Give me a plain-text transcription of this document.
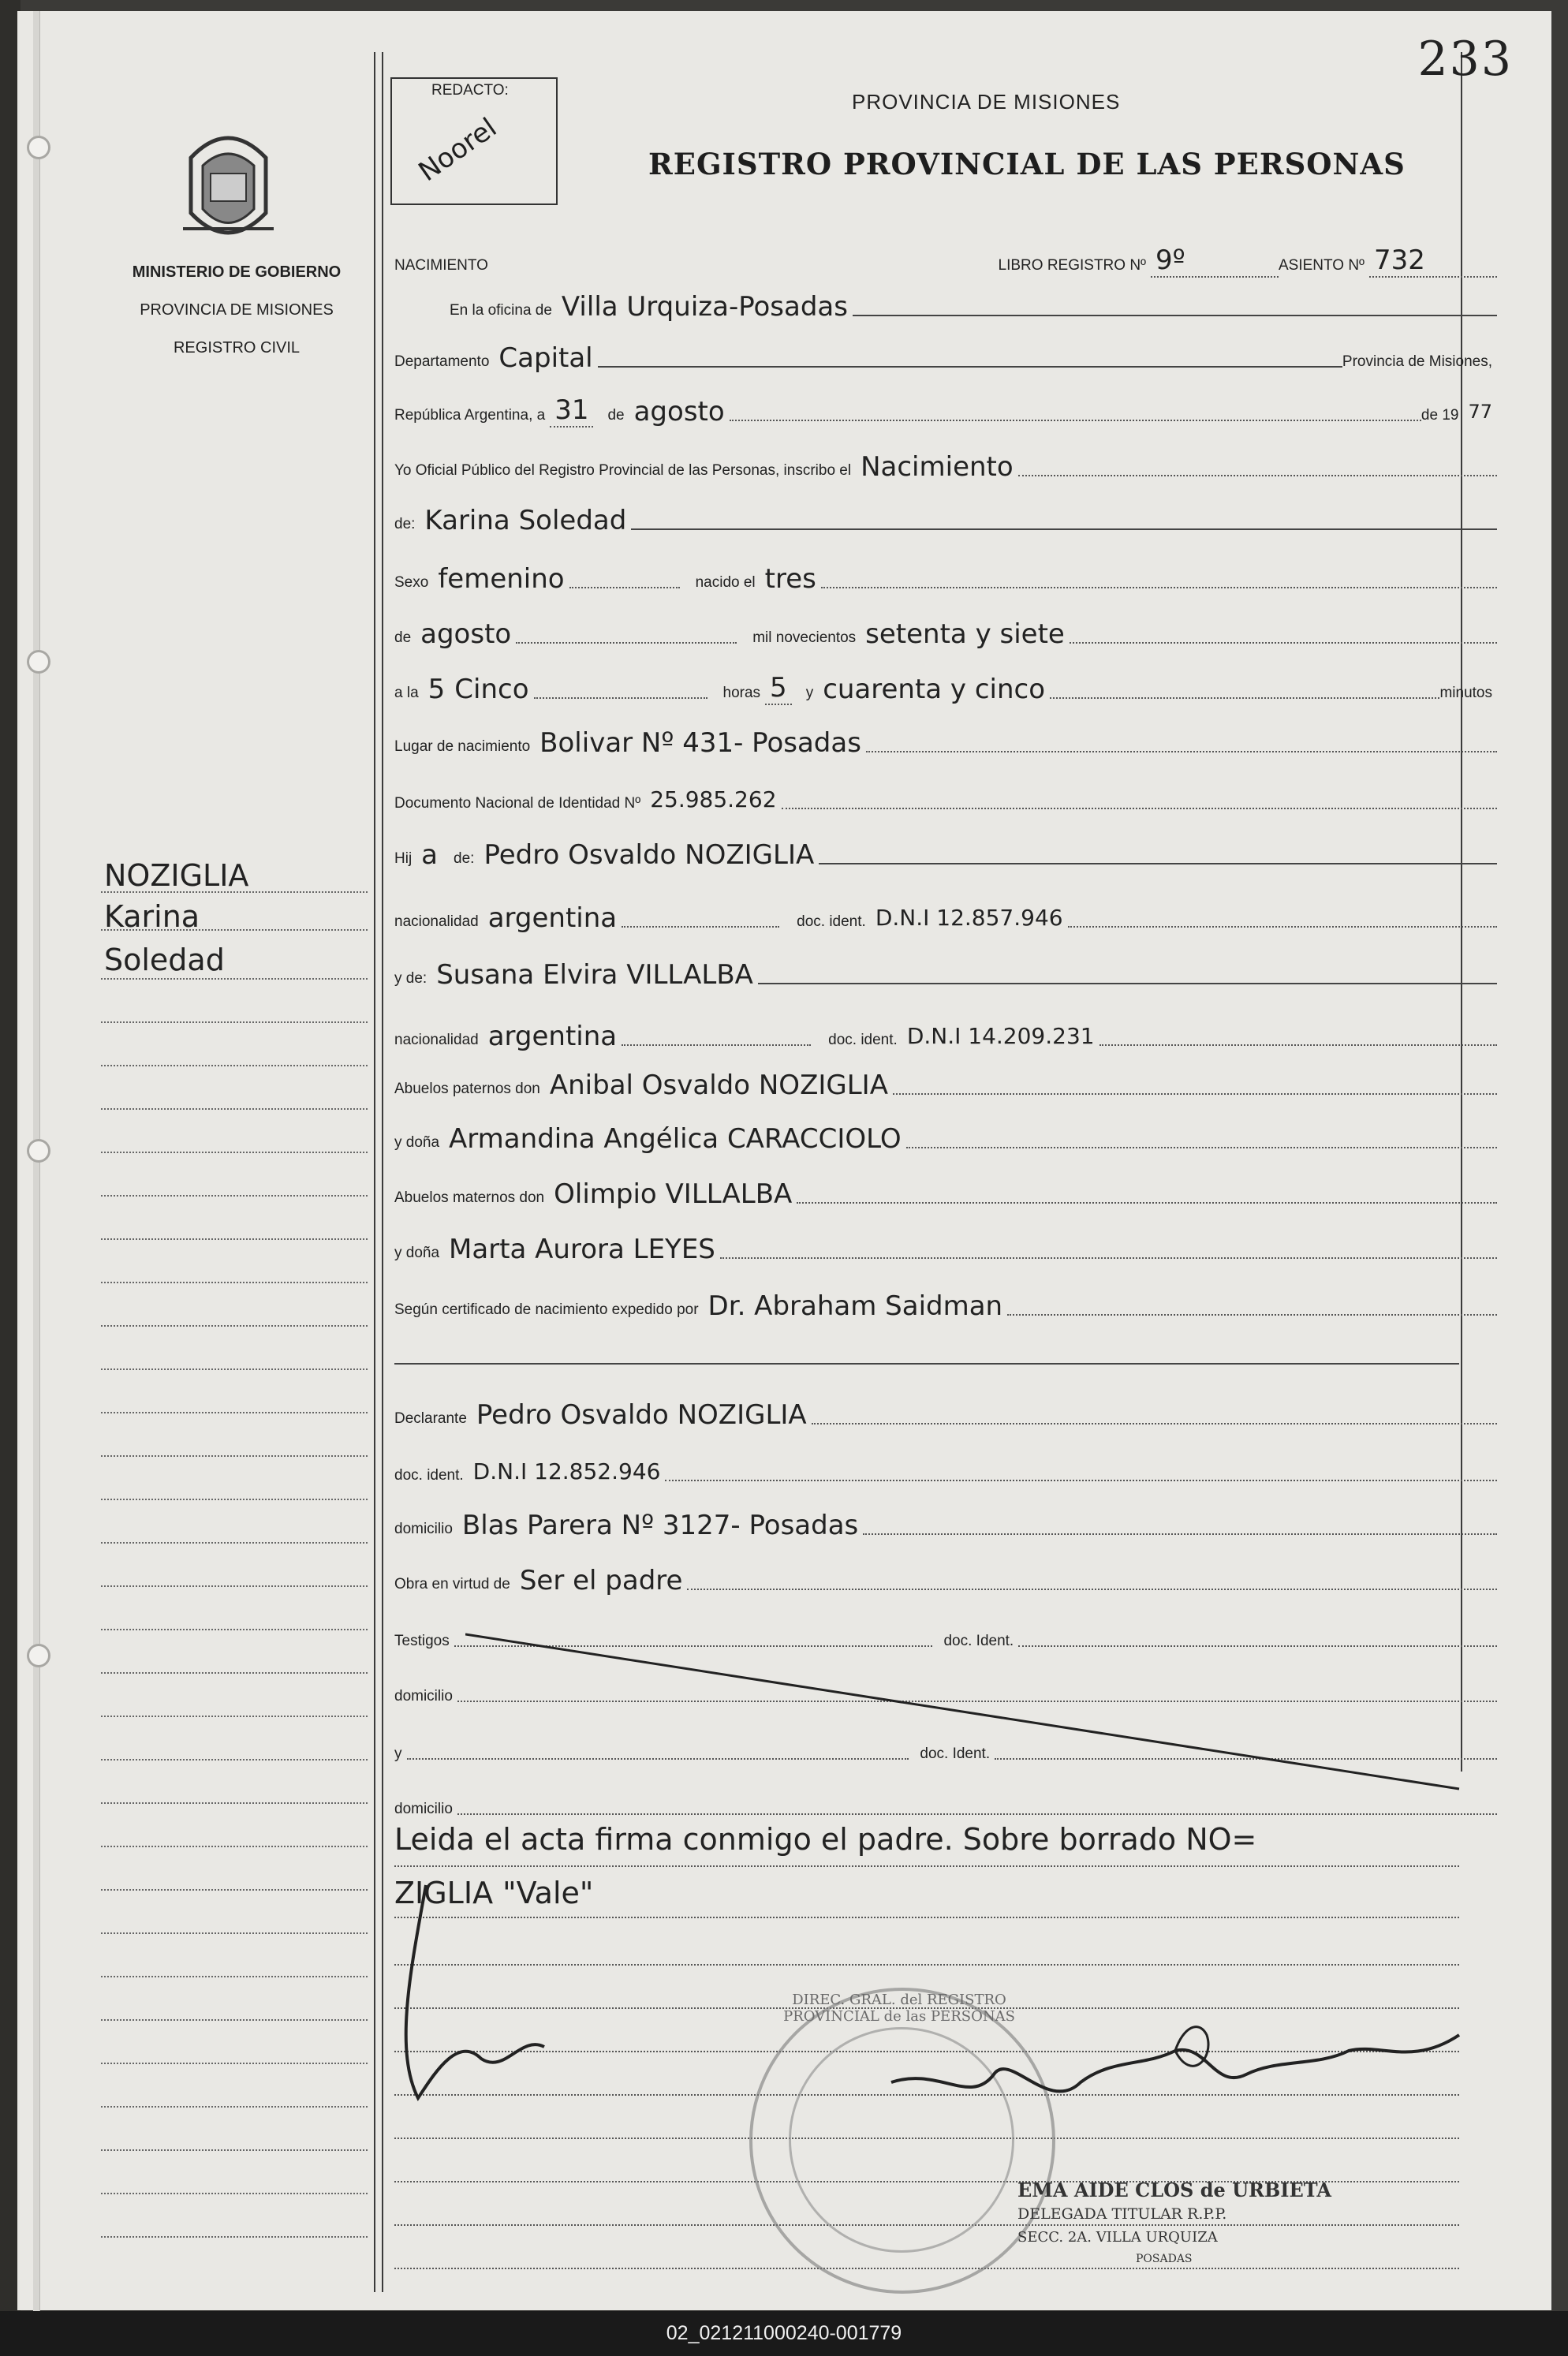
233
REDACTO:
Noorel
PROVINCIA DE MISIONES
REGISTRO PROVINCIAL DE LAS PERSONAS
MINISTERIO DE GOBIERNO
PROVINCIA DE MISIONES
REGISTRO CIVIL
NOZIGLIA
Karina
Soledad
NACIMIENTO	LIBRO REGISTRO Nº 9º	ASIENTO Nº 732
En la oficina de Villa Urquiza-Posadas
Departamento Capital	Provincia de Misiones,
República Argentina, a 31	de agosto	de 19 77
Yo Oficial Público del Registro Provincial de las Personas, inscribo el Nacimiento
de: Karina Soledad
Sexo femenino	nacido el tres
de agosto	mil novecientos setenta y siete
a la 5 Cinco	horas 5	y cuarenta y cinco	minutos
Lugar de nacimiento Bolivar Nº 431- Posadas
Documento Nacional de Identidad Nº 25.985.262
Hij a	de: Pedro Osvaldo NOZIGLIA
nacionalidad argentina	doc. ident. D.N.I 12.857.946
y de: Susana Elvira VILLALBA
nacionalidad argentina	doc. ident. D.N.I 14.209.231
Abuelos paternos don Anibal Osvaldo NOZIGLIA
y doña Armandina Angélica CARACCIOLO
Abuelos maternos don Olimpio VILLALBA
y doña Marta Aurora LEYES
Según certificado de nacimiento expedido por Dr. Abraham Saidman
Declarante Pedro Osvaldo NOZIGLIA
doc. ident. D.N.I 12.852.946
domicilio Blas Parera Nº 3127- Posadas
Obra en virtud de Ser el padre
Testigos	doc. Ident.
domicilio
y	doc. Ident.
domicilio
Leida el acta firma conmigo el padre. Sobre borrado NO=
ZIGLIA "Vale"
DIREC. GRAL. del REGISTRO PROVINCIAL de las PERSONAS
EMA AIDE CLOS de URBIETA
DELEGADA TITULAR R.P.P.
SECC. 2A. VILLA URQUIZA
POSADAS
02_021211000240-001779
